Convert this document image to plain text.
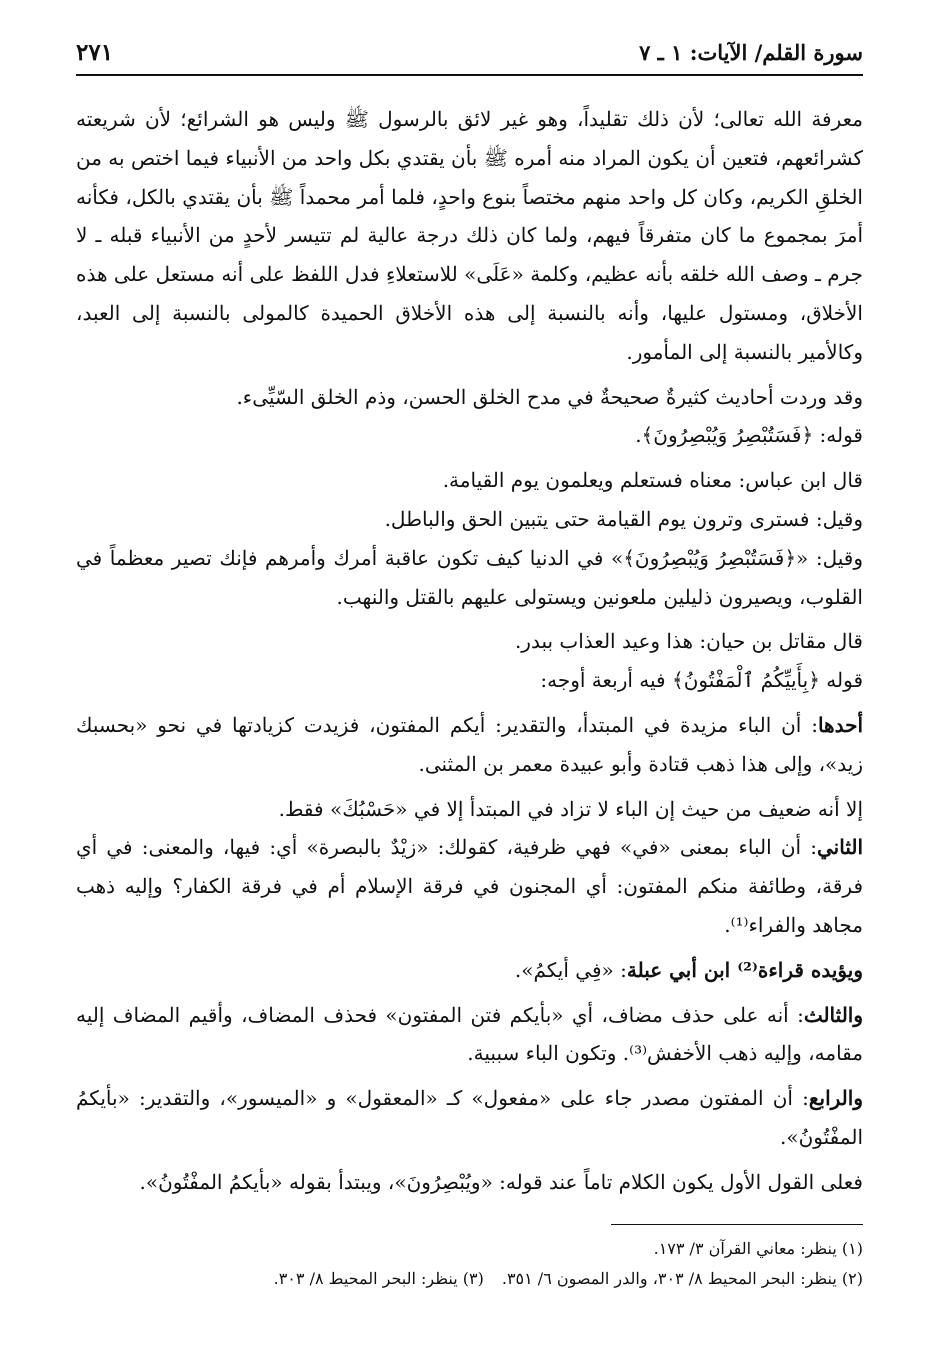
سورة القلم/ الآيات: ١ ـ ٧
٢٧١

معرفة الله تعالى؛ لأن ذلك تقليداً، وهو غير لائق بالرسول ﷺ وليس هو الشرائع؛ لأن شريعته كشرائعهم، فتعين أن يكون المراد منه أمره ﷺ بأن يقتدي بكل واحد من الأنبياء فيما اختص به من الخلقِ الكريم، وكان كل واحد منهم مختصاً بنوع واحدٍ، فلما أمر محمداً ﷺ بأن يقتدي بالكل، فكأنه أمرَ بمجموع ما كان متفرقاً فيهم، ولما كان ذلك درجة عالية لم تتيسر لأحدٍ من الأنبياء قبله ـ لا جرم ـ وصف الله خلقه بأنه عظيم، وكلمة «عَلَى» للاستعلاءِ فدل اللفظ على أنه مستعل على هذه الأخلاق، ومستول عليها، وأنه بالنسبة إلى هذه الأخلاق الحميدة كالمولى بالنسبة إلى العبد، وكالأمير بالنسبة إلى المأمور.

وقد وردت أحاديث كثيرةٌ صحيحةٌ في مدح الخلق الحسن، وذم الخلق السّيِّىء.

قوله: ﴿فَسَتُبْصِرُ وَيُبْصِرُونَ﴾.

قال ابن عباس: معناه فستعلم ويعلمون يوم القيامة.

وقيل: فسترى وترون يوم القيامة حتى يتبين الحق والباطل.

وقيل: «﴿فَسَتُبْصِرُ وَيُبْصِرُونَ﴾» في الدنيا كيف تكون عاقبة أمرك وأمرهم فإنك تصير معظماً في القلوب، ويصيرون ذليلين ملعونين ويستولى عليهم بالقتل والنهب.

قال مقاتل بن حيان: هذا وعيد العذاب ببدر.

قوله ﴿بِأَييِّكُمُ ٱلْمَفْتُونُ﴾ فيه أربعة أوجه:

أحدها: أن الباء مزيدة في المبتدأ، والتقدير: أيكم المفتون، فزيدت كزيادتها في نحو «بحسبك زيد»، وإلى هذا ذهب قتادة وأبو عبيدة معمر بن المثنى.

إلا أنه ضعيف من حيث إن الباء لا تزاد في المبتدأ إلا في «حَسْبُكَ» فقط.

الثاني: أن الباء بمعنى «في» فهي ظرفية، كقولك: «زيْدٌ بالبصرة» أي: فيها، والمعنى: في أي فرقة، وطائفة منكم المفتون: أي المجنون في فرقة الإسلام أم في فرقة الكفار؟ وإليه ذهب مجاهد والفراء⁽¹⁾.

ويؤيده قراءة⁽²⁾ ابن أبي عبلة: «فِي أيكمُ».

والثالث: أنه على حذف مضاف، أي «بأيكم فتن المفتون» فحذف المضاف، وأقيم المضاف إليه مقامه، وإليه ذهب الأخفش⁽³⁾. وتكون الباء سببية.

والرابع: أن المفتون مصدر جاء على «مفعول» كـ «المعقول» و «الميسور»، والتقدير: «بأيكمُ المفْتُونُ».

فعلى القول الأول يكون الكلام تاماً عند قوله: «ويُبْصِرُونَ»، ويبتدأ بقوله «بأيكمُ المفْتُونُ».

(١) ينظر: معاني القرآن ٣/ ١٧٣.

(٢) ينظر: البحر المحيط ٨/ ٣٠٣، والدر المصون ٦/ ٣٥١.(٣) ينظر: البحر المحيط ٨/ ٣٠٣.
